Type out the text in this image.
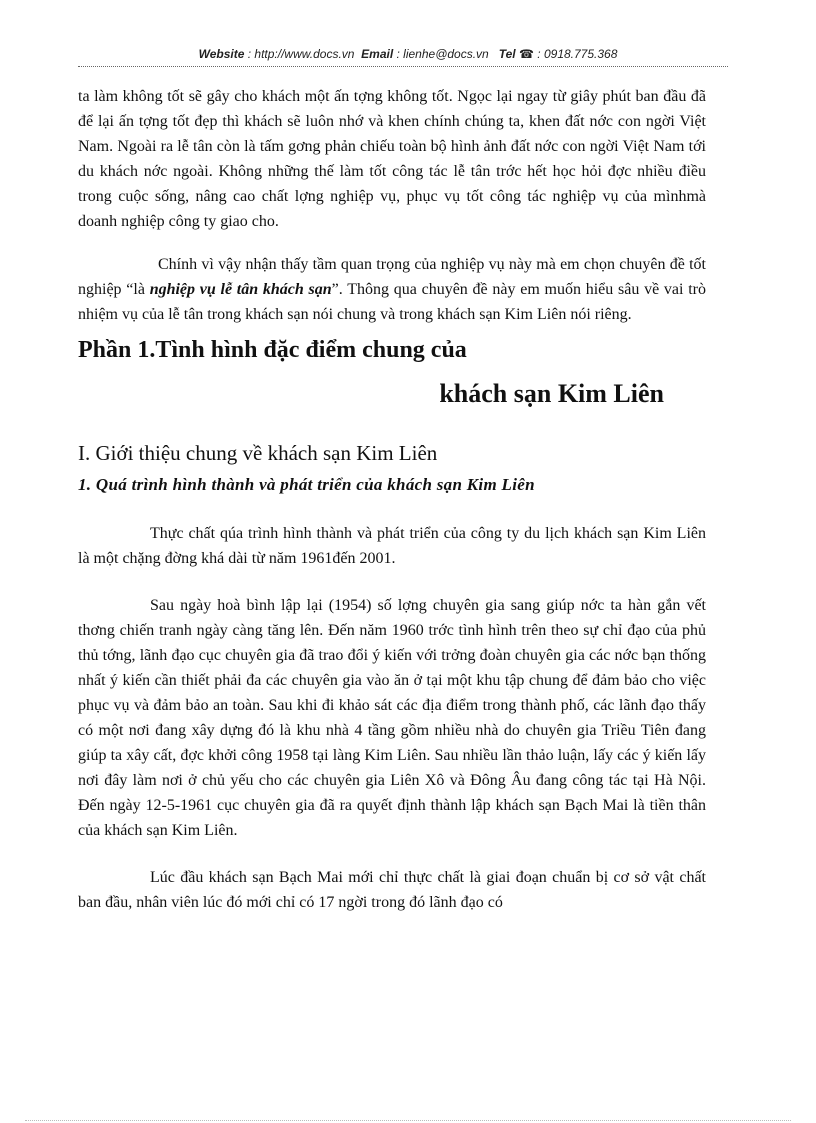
Website : http://www.docs.vn Email : lienhe@docs.vn Tel ☎ : 0918.775.368

ta làm không tốt sẽ gây cho khách một ấn tợng không tốt. Ngọc lại ngay từ giây phút ban đầu đã để lại ấn tợng tốt đẹp thì khách sẽ luôn nhớ và khen chính chúng ta, khen đất nớc con ngời Việt Nam. Ngoài ra lễ tân còn là tấm gơng phản chiếu toàn bộ hình ảnh đất nớc con ngời Việt Nam tới du khách nớc ngoài. Không những thế làm tốt công tác lễ tân trớc hết học hỏi đợc nhiều điều trong cuộc sống, nâng cao chất lợng nghiệp vụ, phục vụ tốt công tác nghiệp vụ của mìnhmà doanh nghiệp công ty giao cho.

Chính vì vậy nhận thấy tầm quan trọng của nghiệp vụ này mà em chọn chuyên đề tốt nghiệp “là nghiệp vụ lễ tân khách sạn”. Thông qua chuyên đề này em muốn hiểu sâu về vai trò nhiệm vụ của lễ tân trong khách sạn nói chung và trong khách sạn Kim Liên nói riêng.

Phần 1.Tình hình đặc điểm chung của
khách sạn Kim Liên
I. Giới thiệu chung về khách sạn Kim Liên
1. Quá trình hình thành và phát triển của khách sạn Kim Liên

Thực chất qúa trình hình thành và phát triển của công ty du lịch khách sạn Kim Liên là một chặng đờng khá dài từ năm 1961đến 2001.

Sau ngày hoà bình lập lại (1954) số lợng chuyên gia sang giúp nớc ta hàn gắn vết thơng chiến tranh ngày càng tăng lên. Đến năm 1960 trớc tình hình trên theo sự chỉ đạo của phủ thủ tớng, lãnh đạo cục chuyên gia đã trao đổi ý kiến với trởng đoàn chuyên gia các nớc bạn thống nhất ý kiến cần thiết phải đa các chuyên gia vào ăn ở tại một khu tập chung để đảm bảo cho việc phục vụ và đảm bảo an toàn. Sau khi đi khảo sát các địa điểm trong thành phố, các lãnh đạo thấy có một nơi đang xây dựng đó là khu nhà 4 tầng gồm nhiều nhà do chuyên gia Triều Tiên đang giúp ta xây cất, đợc khởi công 1958 tại làng Kim Liên. Sau nhiều lần thảo luận, lấy các ý kiến lấy nơi đây làm nơi ở chủ yếu cho các chuyên gia Liên Xô và Đông Âu đang công tác tại Hà Nội. Đến ngày 12-5-1961 cục chuyên gia đã ra quyết định thành lập khách sạn Bạch Mai là tiền thân của khách sạn Kim Liên.

Lúc đầu khách sạn Bạch Mai mới chỉ thực chất là giai đoạn chuẩn bị cơ sở vật chất ban đầu, nhân viên lúc đó mới chỉ có 17 ngời trong đó lãnh đạo có
